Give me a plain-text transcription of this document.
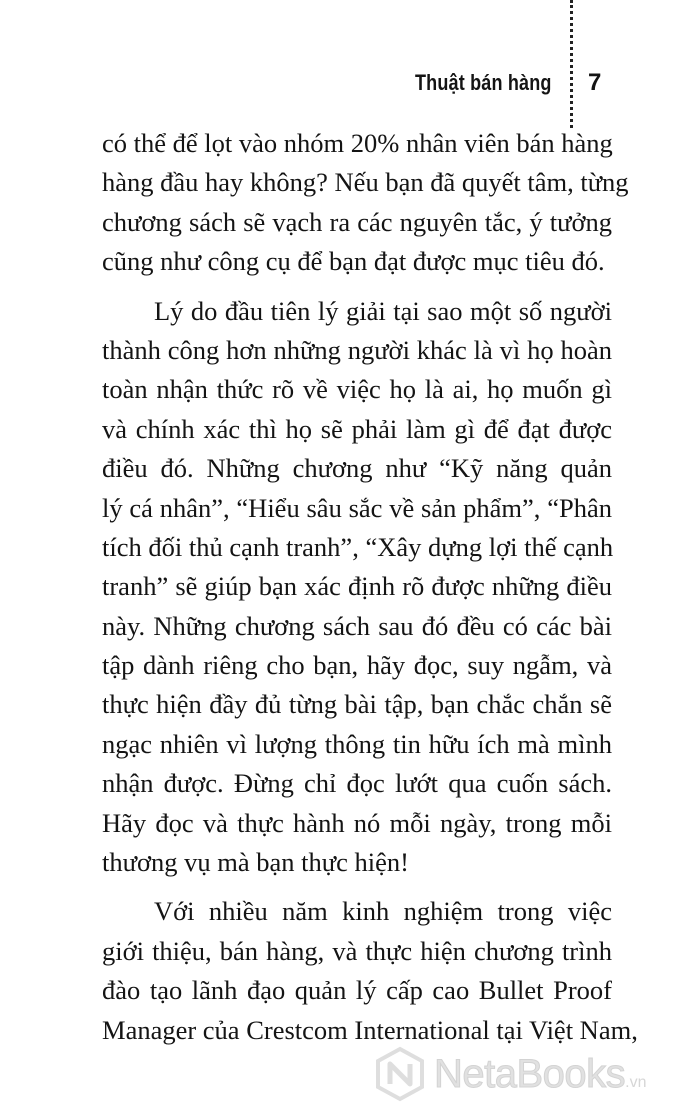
Thuật bán hàng 7
có thể để lọt vào nhóm 20% nhân viên bán hàng
hàng đầu hay không? Nếu bạn đã quyết tâm, từng
chương sách sẽ vạch ra các nguyên tắc, ý tưởng
cũng như công cụ để bạn đạt được mục tiêu đó.
Lý do đầu tiên lý giải tại sao một số người
thành công hơn những người khác là vì họ hoàn
toàn nhận thức rõ về việc họ là ai, họ muốn gì
và chính xác thì họ sẽ phải làm gì để đạt được
điều đó. Những chương như “Kỹ năng quản
lý cá nhân”, “Hiểu sâu sắc về sản phẩm”, “Phân
tích đối thủ cạnh tranh”, “Xây dựng lợi thế cạnh
tranh” sẽ giúp bạn xác định rõ được những điều
này. Những chương sách sau đó đều có các bài
tập dành riêng cho bạn, hãy đọc, suy ngẫm, và
thực hiện đầy đủ từng bài tập, bạn chắc chắn sẽ
ngạc nhiên vì lượng thông tin hữu ích mà mình
nhận được. Đừng chỉ đọc lướt qua cuốn sách.
Hãy đọc và thực hành nó mỗi ngày, trong mỗi
thương vụ mà bạn thực hiện!
Với nhiều năm kinh nghiệm trong việc
giới thiệu, bán hàng, và thực hiện chương trình
đào tạo lãnh đạo quản lý cấp cao Bullet Proof
Manager của Crestcom International tại Việt Nam,
NetaBooks.vn
